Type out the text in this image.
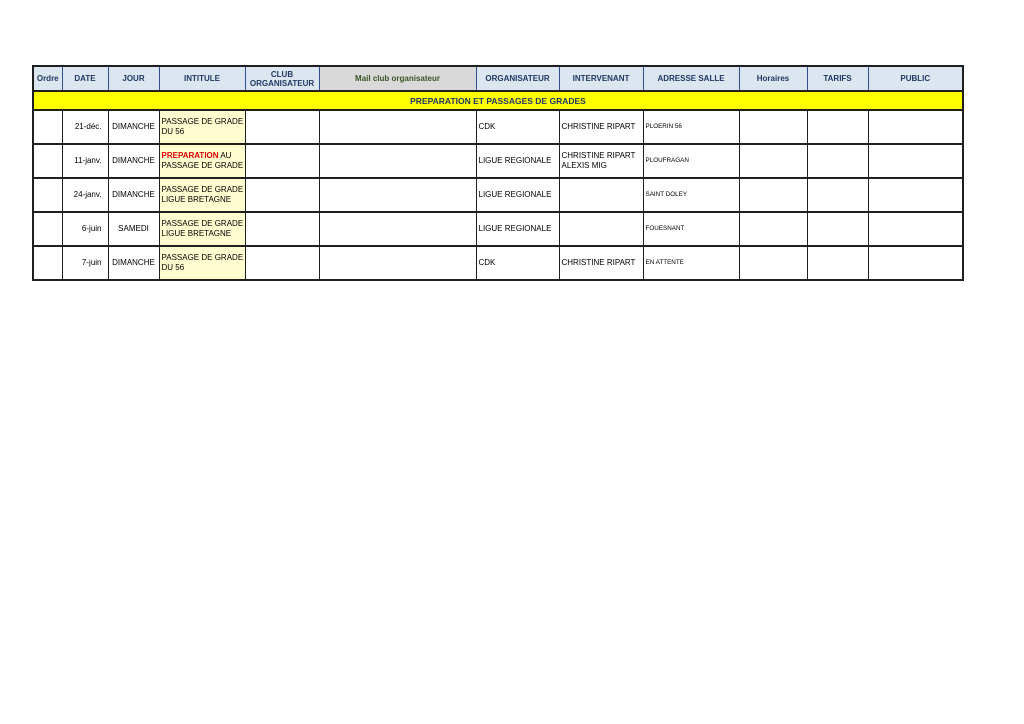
Ordre	DATE	JOUR	INTITULE	CLUB
ORGANISATEUR	Mail club organisateur	ORGANISATEUR	INTERVENANT	ADRESSE SALLE	Horaires	TARIFS	PUBLIC
PREPARATION ET PASSAGES DE GRADES											
	21-déc.	DIMANCHE	PASSAGE DE GRADE
DU 56			CDK	CHRISTINE RIPART	PLOERIN 56			
	11-janv.	DIMANCHE	PREPARATION AU
PASSAGE DE GRADE			LIGUE REGIONALE	CHRISTINE RIPART
ALEXIS MIG	PLOUFRAGAN			
	24-janv.	DIMANCHE	PASSAGE DE GRADE
LIGUE BRETAGNE			LIGUE REGIONALE		SAINT DOLEY			
	6-juin	SAMEDI	PASSAGE DE GRADE
LIGUE BRETAGNE			LIGUE REGIONALE		FOUESNANT			
	7-juin	DIMANCHE	PASSAGE DE GRADE
DU 56			CDK	CHRISTINE RIPART	EN ATTENTE			
